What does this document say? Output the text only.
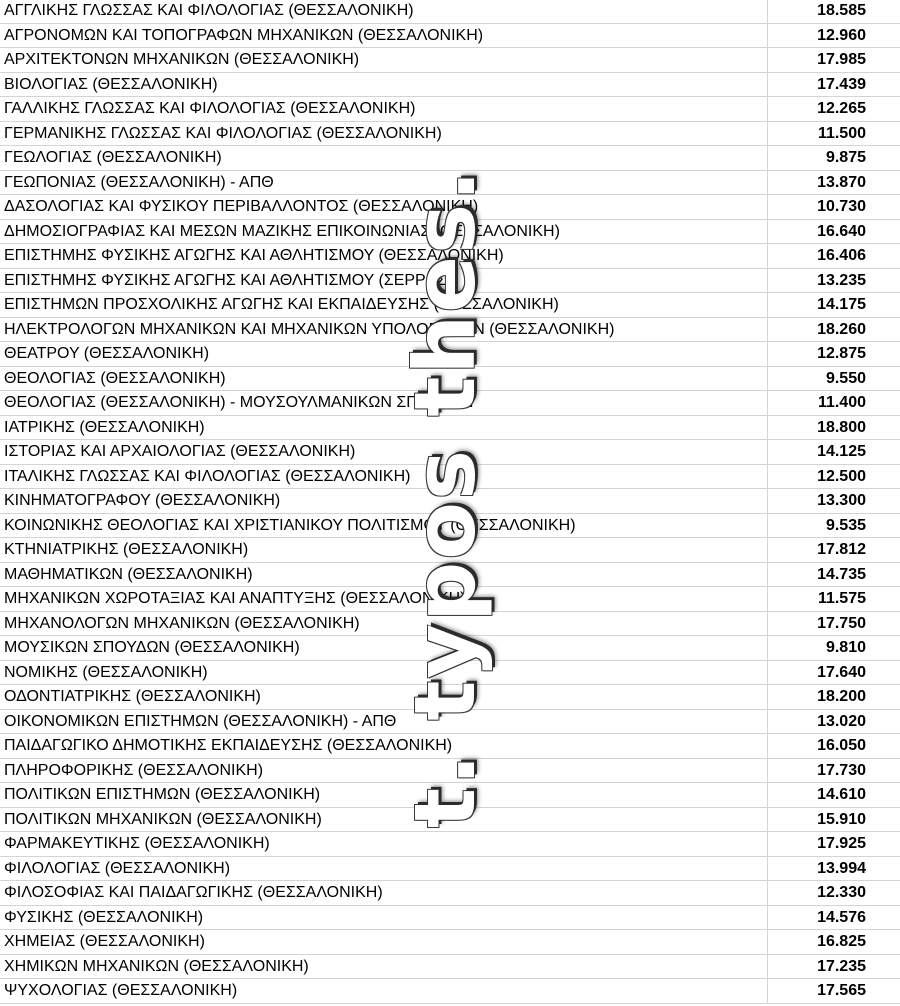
ΑΓΓΛΙΚΗΣ ΓΛΩΣΣΑΣ ΚΑΙ ΦΙΛΟΛΟΓΙΑΣ (ΘΕΣΣΑΛΟΝΙΚΗ)	18.585
ΑΓΡΟΝΟΜΩΝ ΚΑΙ ΤΟΠΟΓΡΑΦΩΝ ΜΗΧΑΝΙΚΩΝ (ΘΕΣΣΑΛΟΝΙΚΗ)	12.960
ΑΡΧΙΤΕΚΤΟΝΩΝ ΜΗΧΑΝΙΚΩΝ (ΘΕΣΣΑΛΟΝΙΚΗ)	17.985
ΒΙΟΛΟΓΙΑΣ (ΘΕΣΣΑΛΟΝΙΚΗ)	17.439
ΓΑΛΛΙΚΗΣ ΓΛΩΣΣΑΣ ΚΑΙ ΦΙΛΟΛΟΓΙΑΣ (ΘΕΣΣΑΛΟΝΙΚΗ)	12.265
ΓΕΡΜΑΝΙΚΗΣ ΓΛΩΣΣΑΣ ΚΑΙ ΦΙΛΟΛΟΓΙΑΣ (ΘΕΣΣΑΛΟΝΙΚΗ)	11.500
ΓΕΩΛΟΓΙΑΣ (ΘΕΣΣΑΛΟΝΙΚΗ)	9.875
ΓΕΩΠΟΝΙΑΣ (ΘΕΣΣΑΛΟΝΙΚΗ) - ΑΠΘ	13.870
ΔΑΣΟΛΟΓΙΑΣ ΚΑΙ ΦΥΣΙΚΟΥ ΠΕΡΙΒΑΛΛΟΝΤΟΣ (ΘΕΣΣΑΛΟΝΙΚΗ)	10.730
ΔΗΜΟΣΙΟΓΡΑΦΙΑΣ ΚΑΙ ΜΕΣΩΝ ΜΑΖΙΚΗΣ ΕΠΙΚΟΙΝΩΝΙΑΣ (ΘΕΣΣΑΛΟΝΙΚΗ)	16.640
ΕΠΙΣΤΗΜΗΣ ΦΥΣΙΚΗΣ ΑΓΩΓΗΣ ΚΑΙ ΑΘΛΗΤΙΣΜΟΥ (ΘΕΣΣΑΛΟΝΙΚΗ)	16.406
ΕΠΙΣΤΗΜΗΣ ΦΥΣΙΚΗΣ ΑΓΩΓΗΣ ΚΑΙ ΑΘΛΗΤΙΣΜΟΥ (ΣΕΡΡΕΣ)	13.235
ΕΠΙΣΤΗΜΩΝ ΠΡΟΣΧΟΛΙΚΗΣ ΑΓΩΓΗΣ ΚΑΙ ΕΚΠΑΙΔΕΥΣΗΣ (ΘΕΣΣΑΛΟΝΙΚΗ)	14.175
ΗΛΕΚΤΡΟΛΟΓΩΝ ΜΗΧΑΝΙΚΩΝ ΚΑΙ ΜΗΧΑΝΙΚΩΝ ΥΠΟΛΟΓΙΣΤΩΝ (ΘΕΣΣΑΛΟΝΙΚΗ)	18.260
ΘΕΑΤΡΟΥ (ΘΕΣΣΑΛΟΝΙΚΗ)	12.875
ΘΕΟΛΟΓΙΑΣ (ΘΕΣΣΑΛΟΝΙΚΗ)	9.550
ΘΕΟΛΟΓΙΑΣ (ΘΕΣΣΑΛΟΝΙΚΗ) - ΜΟΥΣΟΥΛΜΑΝΙΚΩΝ ΣΠΟΥΔΩΝ	11.400
ΙΑΤΡΙΚΗΣ (ΘΕΣΣΑΛΟΝΙΚΗ)	18.800
ΙΣΤΟΡΙΑΣ ΚΑΙ ΑΡΧΑΙΟΛΟΓΙΑΣ (ΘΕΣΣΑΛΟΝΙΚΗ)	14.125
ΙΤΑΛΙΚΗΣ ΓΛΩΣΣΑΣ ΚΑΙ ΦΙΛΟΛΟΓΙΑΣ (ΘΕΣΣΑΛΟΝΙΚΗ)	12.500
ΚΙΝΗΜΑΤΟΓΡΑΦΟΥ (ΘΕΣΣΑΛΟΝΙΚΗ)	13.300
ΚΟΙΝΩΝΙΚΗΣ ΘΕΟΛΟΓΙΑΣ ΚΑΙ ΧΡΙΣΤΙΑΝΙΚΟΥ ΠΟΛΙΤΙΣΜΟΥ (ΘΕΣΣΑΛΟΝΙΚΗ)	9.535
ΚΤΗΝΙΑΤΡΙΚΗΣ (ΘΕΣΣΑΛΟΝΙΚΗ)	17.812
ΜΑΘΗΜΑΤΙΚΩΝ (ΘΕΣΣΑΛΟΝΙΚΗ)	14.735
ΜΗΧΑΝΙΚΩΝ ΧΩΡΟΤΑΞΙΑΣ ΚΑΙ ΑΝΑΠΤΥΞΗΣ (ΘΕΣΣΑΛΟΝΙΚΗ)	11.575
ΜΗΧΑΝΟΛΟΓΩΝ ΜΗΧΑΝΙΚΩΝ (ΘΕΣΣΑΛΟΝΙΚΗ)	17.750
ΜΟΥΣΙΚΩΝ ΣΠΟΥΔΩΝ (ΘΕΣΣΑΛΟΝΙΚΗ)	9.810
ΝΟΜΙΚΗΣ (ΘΕΣΣΑΛΟΝΙΚΗ)	17.640
ΟΔΟΝΤΙΑΤΡΙΚΗΣ (ΘΕΣΣΑΛΟΝΙΚΗ)	18.200
ΟΙΚΟΝΟΜΙΚΩΝ ΕΠΙΣΤΗΜΩΝ (ΘΕΣΣΑΛΟΝΙΚΗ) - ΑΠΘ	13.020
ΠΑΙΔΑΓΩΓΙΚΟ ΔΗΜΟΤΙΚΗΣ ΕΚΠΑΙΔΕΥΣΗΣ (ΘΕΣΣΑΛΟΝΙΚΗ)	16.050
ΠΛΗΡΟΦΟΡΙΚΗΣ (ΘΕΣΣΑΛΟΝΙΚΗ)	17.730
ΠΟΛΙΤΙΚΩΝ ΕΠΙΣΤΗΜΩΝ (ΘΕΣΣΑΛΟΝΙΚΗ)	14.610
ΠΟΛΙΤΙΚΩΝ ΜΗΧΑΝΙΚΩΝ (ΘΕΣΣΑΛΟΝΙΚΗ)	15.910
ΦΑΡΜΑΚΕΥΤΙΚΗΣ (ΘΕΣΣΑΛΟΝΙΚΗ)	17.925
ΦΙΛΟΛΟΓΙΑΣ (ΘΕΣΣΑΛΟΝΙΚΗ)	13.994
ΦΙΛΟΣΟΦΙΑΣ ΚΑΙ ΠΑΙΔΑΓΩΓΙΚΗΣ (ΘΕΣΣΑΛΟΝΙΚΗ)	12.330
ΦΥΣΙΚΗΣ (ΘΕΣΣΑΛΟΝΙΚΗ)	14.576
ΧΗΜΕΙΑΣ (ΘΕΣΣΑΛΟΝΙΚΗ)	16.825
ΧΗΜΙΚΩΝ ΜΗΧΑΝΙΚΩΝ (ΘΕΣΣΑΛΟΝΙΚΗ)	17.235
ΨΥΧΟΛΟΓΙΑΣ (ΘΕΣΣΑΛΟΝΙΚΗ)	17.565
t. typos thes.
